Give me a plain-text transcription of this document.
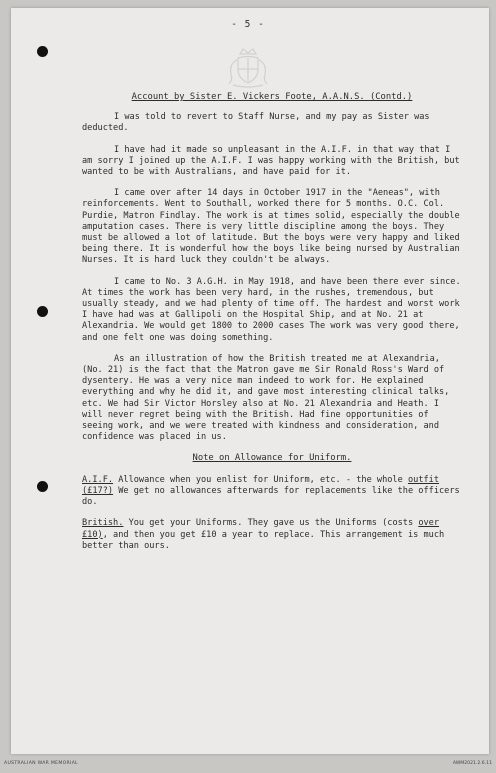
- 5 -
Account by Sister E. Vickers Foote, A.A.N.S. (Contd.)

I was told to revert to Staff Nurse, and my pay as Sister was deducted.

I have had it made so unpleasant in the A.I.F. in that way that I am sorry I joined up the A.I.F. I was happy working with the British, but wanted to be with Australians, and have paid for it.

I came over after 14 days in October 1917 in the "Aeneas", with reinforcements. Went to Southall, worked there for 5 months. O.C. Col. Purdie, Matron Findlay. The work is at times solid, especially the double amputation cases. There is very little discipline among the boys. They must be allowed a lot of latitude. But the boys were very happy and liked being there. It is wonderful how the boys like being nursed by Australian Nurses. It is hard luck they couldn't be always.

I came to No. 3 A.G.H. in May 1918, and have been there ever since. At times the work has been very hard, in the rushes, tremendous, but usually steady, and we had plenty of time off. The hardest and worst work I have had was at Gallipoli on the Hospital Ship, and at No. 21 at Alexandria. We would get 1800 to 2000 cases The work was very good there, and one felt one was doing something.

As an illustration of how the British treated me at Alexandria, (No. 21) is the fact that the Matron gave me Sir Ronald Ross's Ward of dysentery. He was a very nice man indeed to work for. He explained everything and why he did it, and gave most interesting clinical talks, etc. We had Sir Victor Horsley also at No. 21 Alexandria and Heath. I will never regret being with the British. Had fine opportunities of seeing work, and we were treated with kindness and consideration, and confidence was placed in us.

Note on Allowance for Uniform.

A.I.F. Allowance when you enlist for Uniform, etc. - the whole outfit (£17?) We get no allowances afterwards for replacements like the officers do.

British. You get your Uniforms. They gave us the Uniforms (costs over £10), and then you get £10 a year to replace. This arrangement is much better than ours.

AUSTRALIAN WAR MEMORIAL	AWM2021.2.6.11
